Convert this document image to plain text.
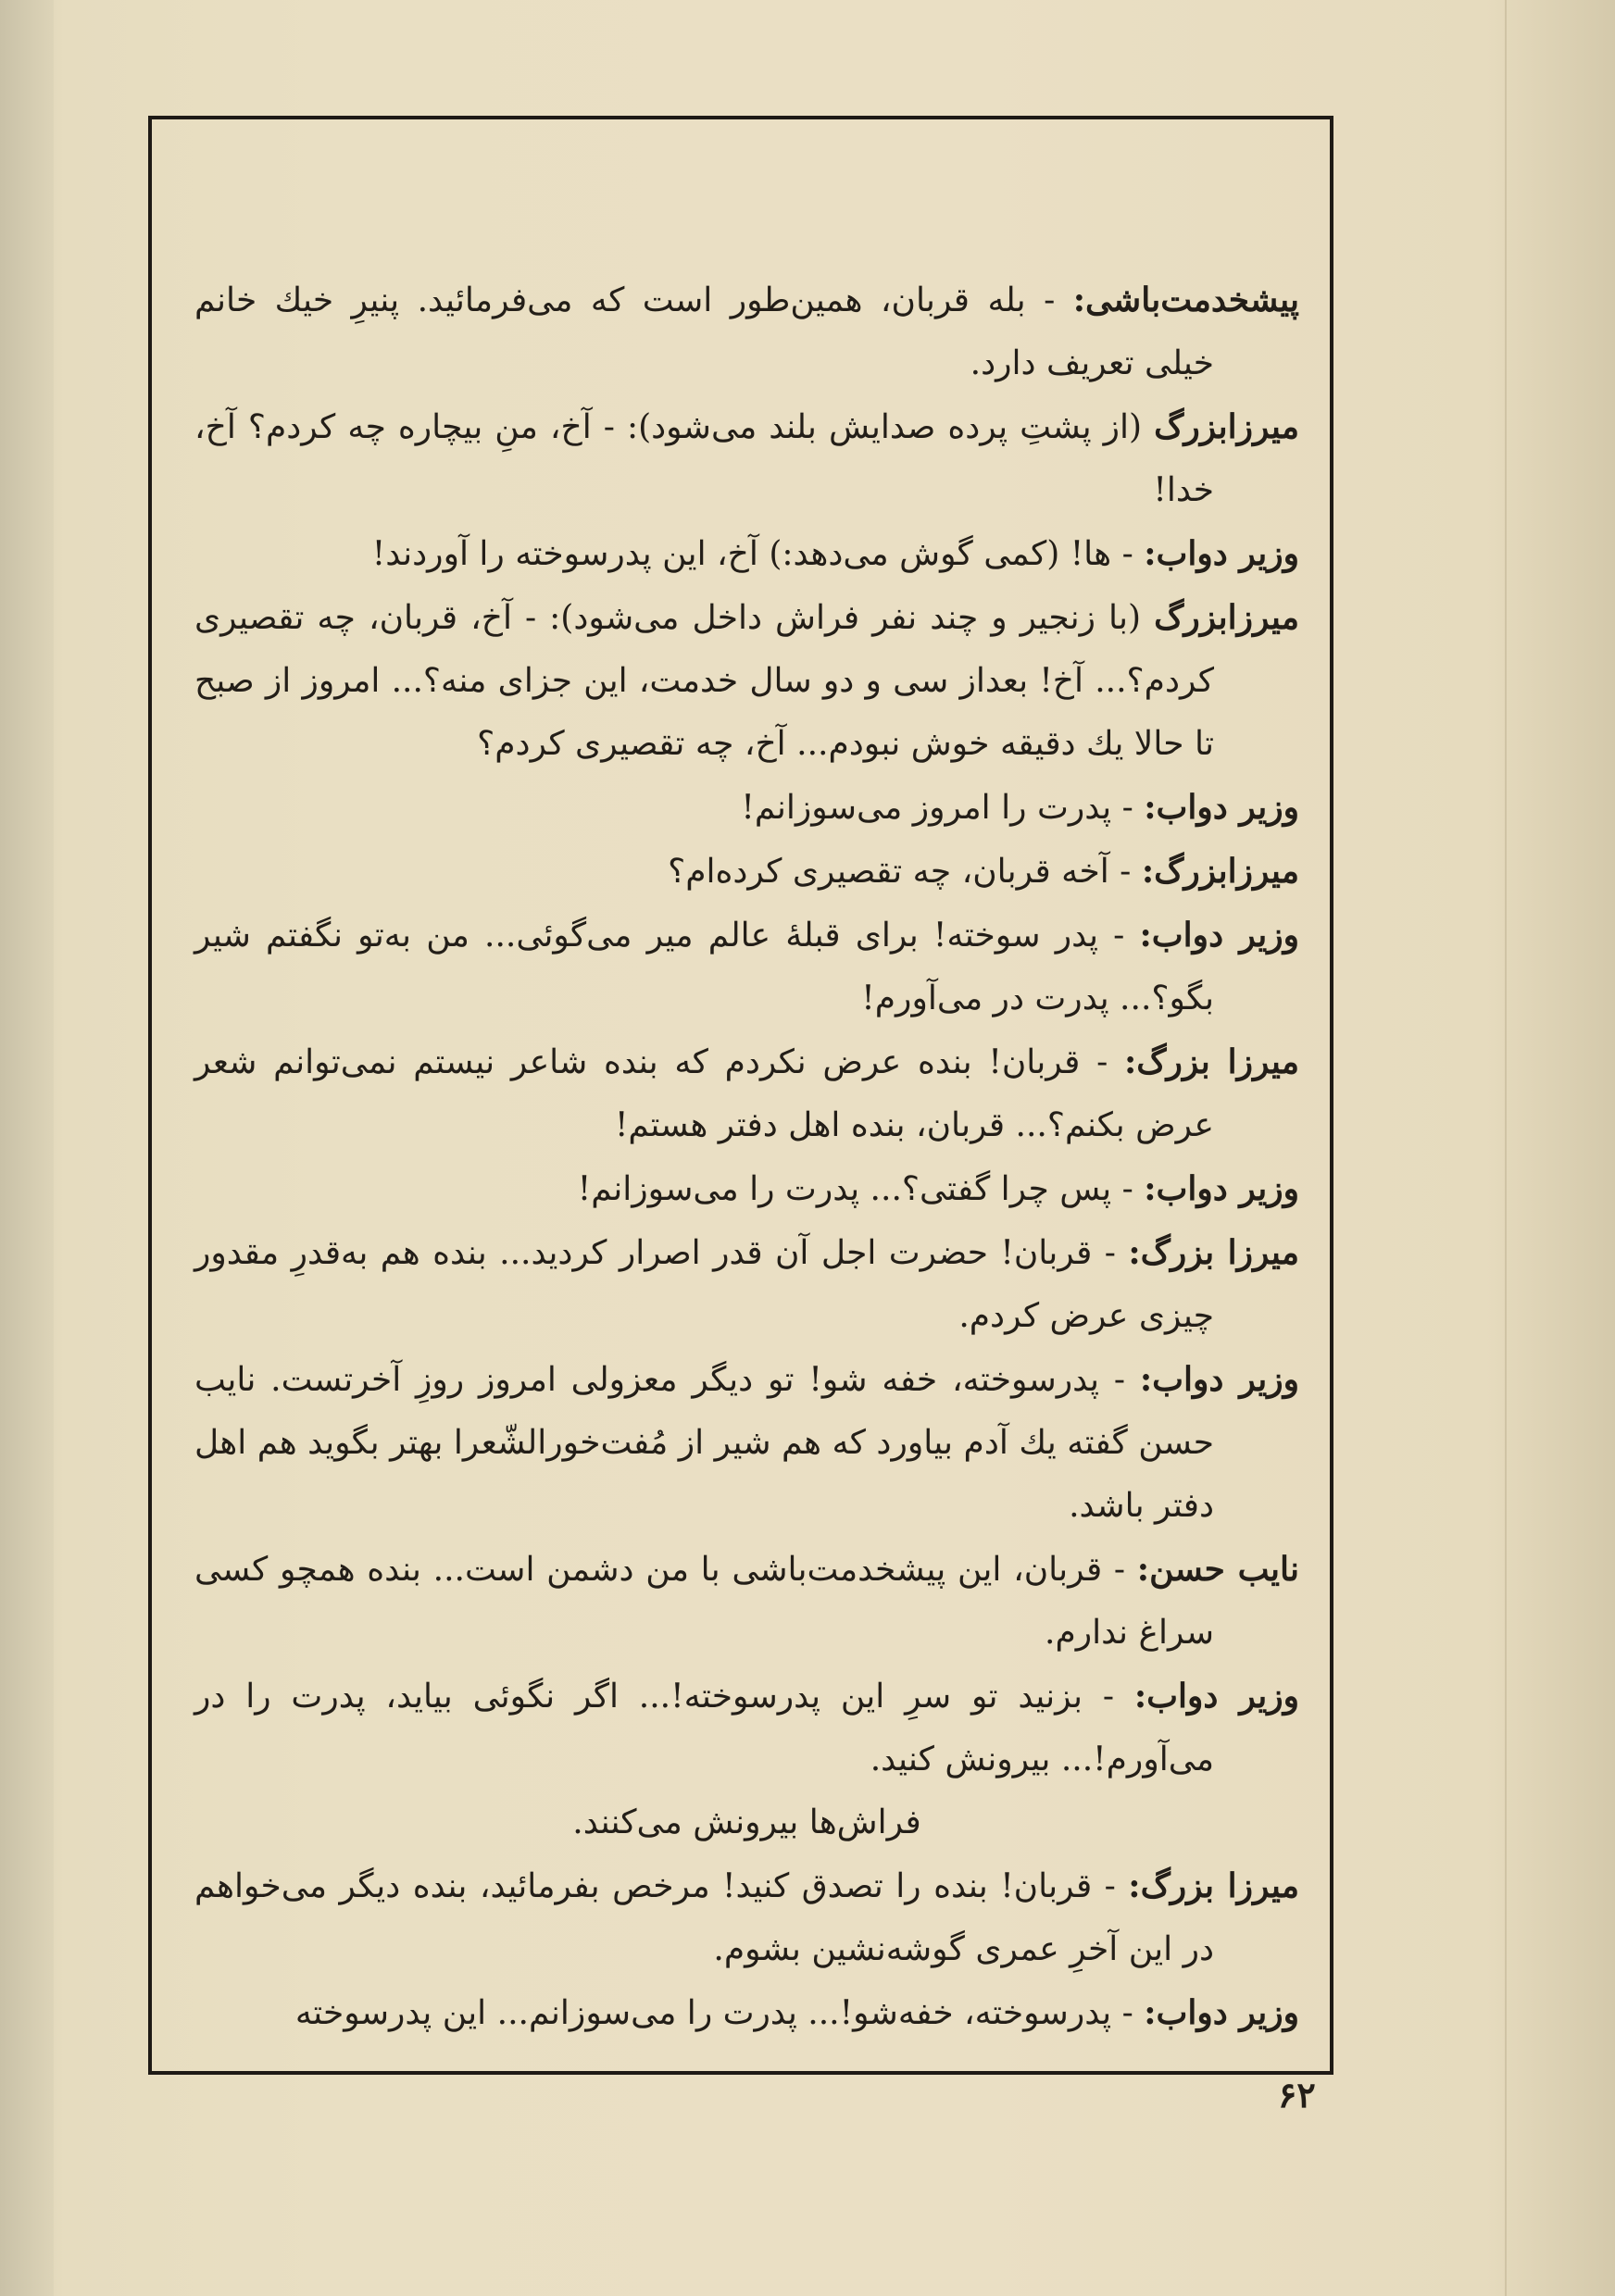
پیشخدمت‌باشی: - بله قربان، همین‌طور است که می‌فرمائید. پنیرِ خیك خانم خیلی تعریف دارد.

میرزابزرگ (از پشتِ پرده صدایش بلند می‌شود): - آخ، منِ بیچاره چه کردم؟ آخ، خدا!

وزیر دواب: - ها! (کمی گوش می‌دهد:) آخ، این پدرسوخته را آوردند!

میرزابزرگ (با زنجیر و چند نفر فراش داخل می‌شود): - آخ، قربان، چه تقصیری کردم؟... آخ! بعداز سی و دو سال خدمت، این جزای منه؟... امروز از صبح تا حالا یك دقیقه خوش نبودم... آخ، چه تقصیری کردم؟

وزیر دواب: - پدرت را امروز می‌سوزانم!

میرزابزرگ: - آخه قربان، چه تقصیری کرده‌ام؟

وزیر دواب: - پدر سوخته! برای قبلهٔ عالم میر می‌گوئی... من به‌تو نگفتم شیر بگو؟... پدرت در می‌آورم!

میرزا بزرگ: - قربان! بنده عرض نکردم که بنده شاعر نیستم نمی‌توانم شعر عرض بکنم؟... قربان، بنده اهل دفتر هستم!

وزیر دواب: - پس چرا گفتی؟... پدرت را می‌سوزانم!

میرزا بزرگ: - قربان! حضرت اجل آن قدر اصرار کردید... بنده هم به‌قدرِ مقدور چیزی عرض کردم.

وزیر دواب: - پدرسوخته، خفه شو! تو دیگر معزولی امروز روزِ آخرتست. نایب حسن گفته یك آدم بیاورد که هم شیر از مُفت‌خورالشّعرا بهتر بگوید هم اهل دفتر باشد.

نایب حسن: - قربان، این پیشخدمت‌باشی با من دشمن است... بنده همچو کسی سراغ ندارم.

وزیر دواب: - بزنید تو سرِ این پدرسوخته!... اگر نگوئی بیاید، پدرت را در می‌آورم!... بیرونش کنید.

فراش‌ها بیرونش می‌کنند.

میرزا بزرگ: - قربان! بنده را تصدق کنید! مرخص بفرمائید، بنده دیگر می‌خواهم در این آخرِ عمری گوشه‌نشین بشوم.

وزیر دواب: - پدرسوخته، خفه‌شو!... پدرت را می‌سوزانم... این پدرسوخته

۶۲
